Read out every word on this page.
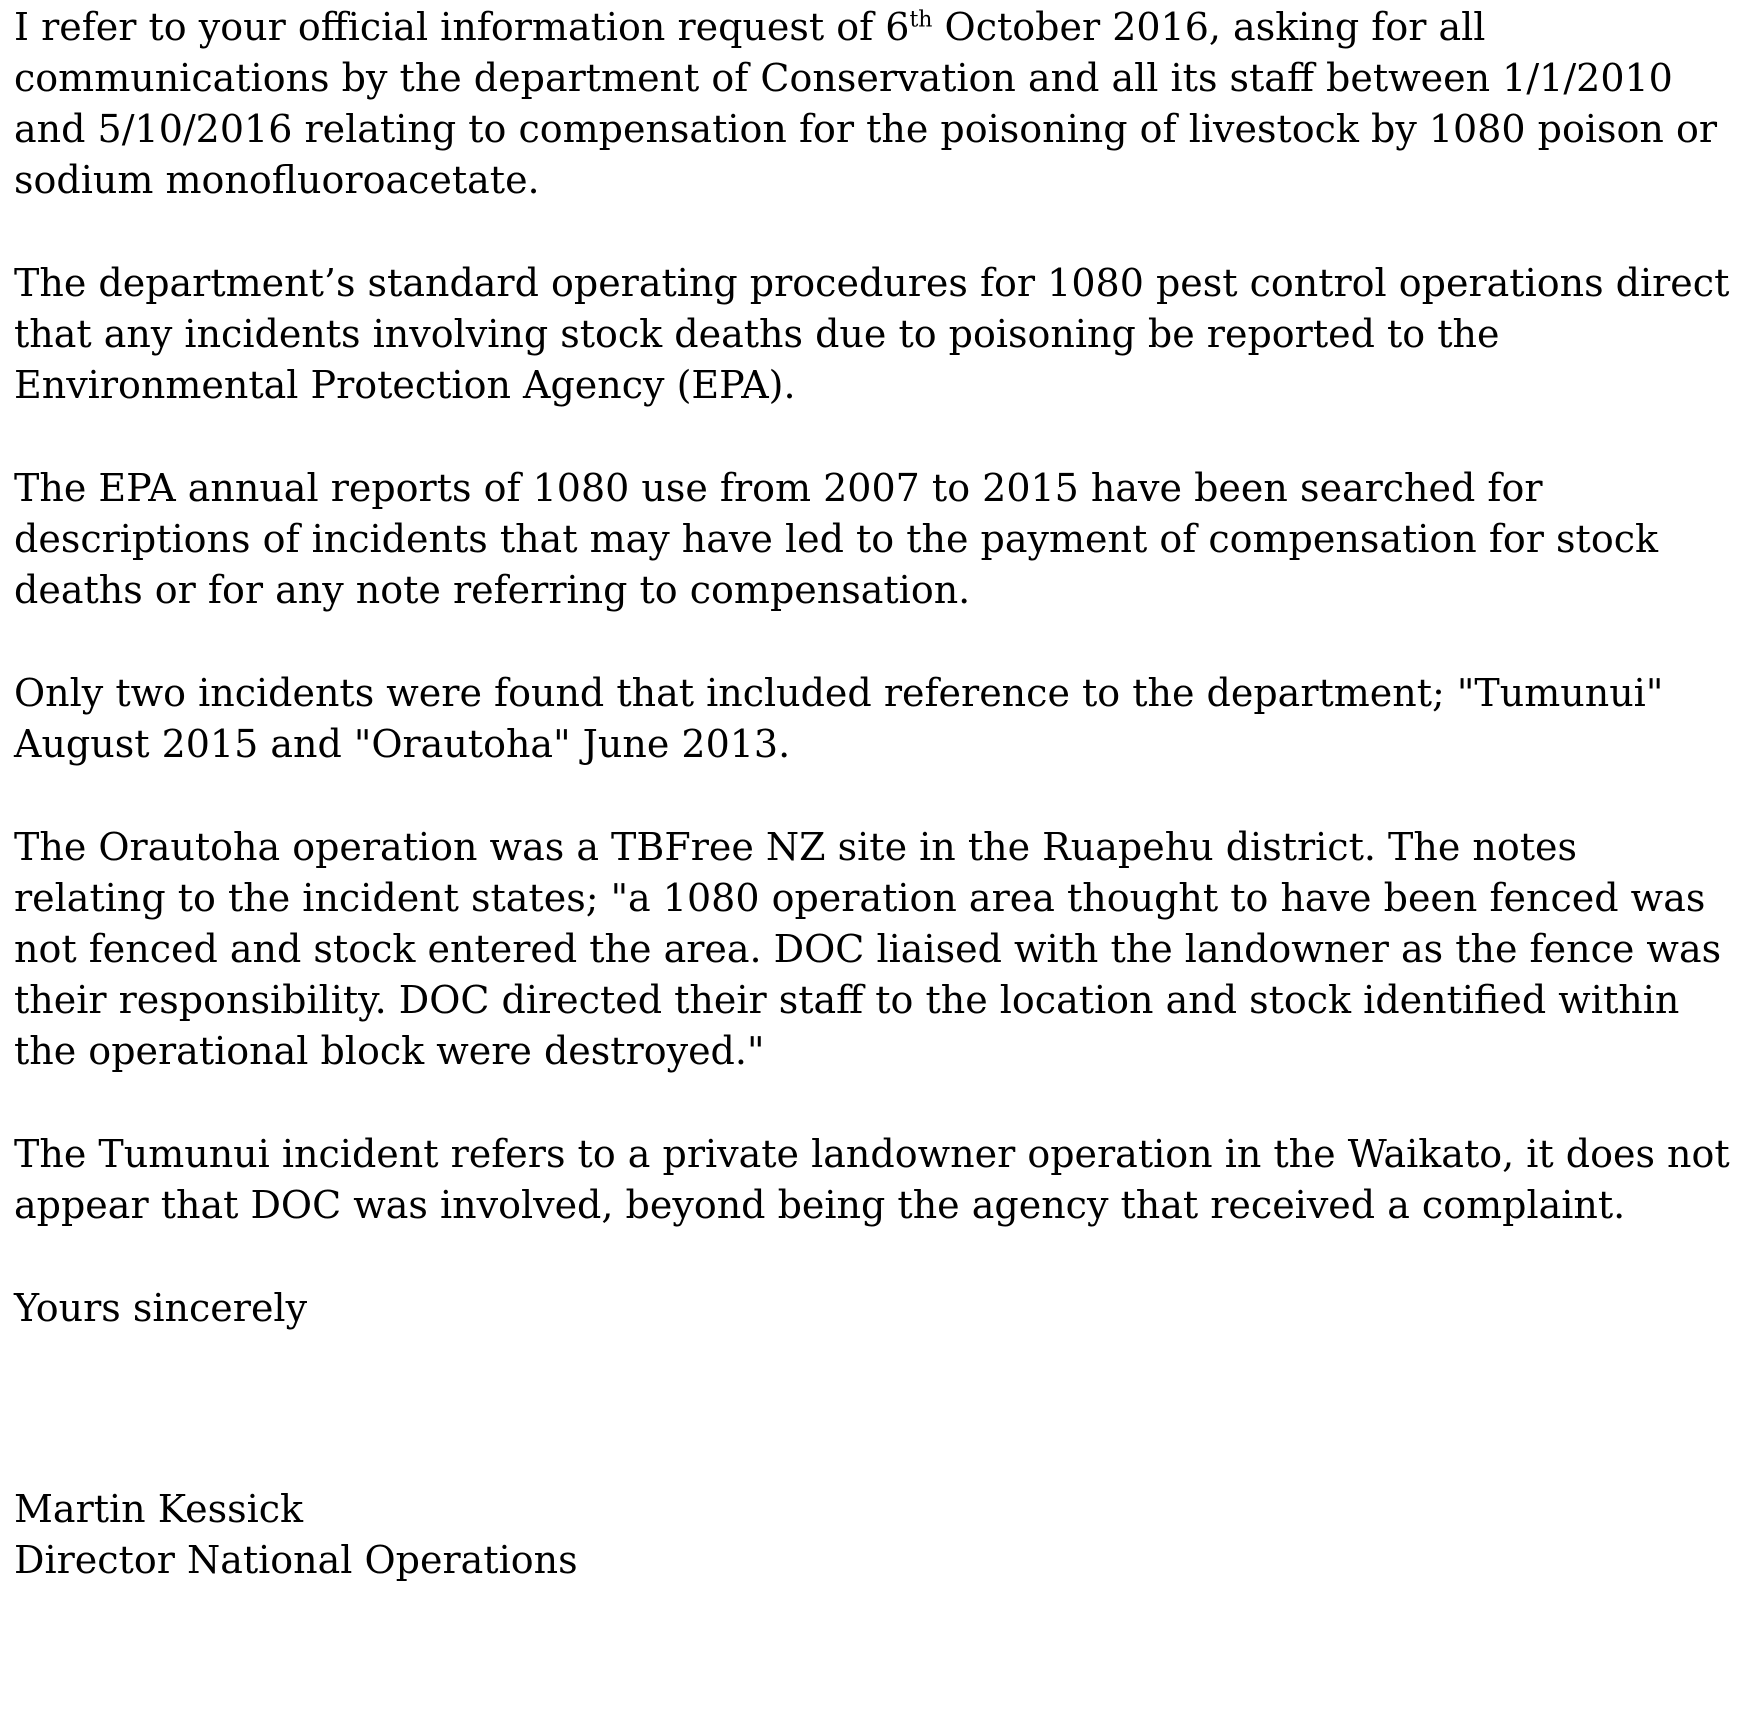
I refer to your official information request of 6th October 2016, asking for all communications by the department of Conservation and all its staff between 1/1/2010 and 5/10/2016 relating to compensation for the poisoning of livestock by 1080 poison or sodium monofluoroacetate.

The department’s standard operating procedures for 1080 pest control operations direct that any incidents involving stock deaths due to poisoning be reported to the Environmental Protection Agency (EPA).

The EPA annual reports of 1080 use from 2007 to 2015 have been searched for descriptions of incidents that may have led to the payment of compensation for stock deaths or for any note referring to compensation.

Only two incidents were found that included reference to the department; "Tumunui" August 2015 and "Orautoha" June 2013.

The Orautoha operation was a TBFree NZ site in the Ruapehu district. The notes relating to the incident states; "a 1080 operation area thought to have been fenced was not fenced and stock entered the area. DOC liaised with the landowner as the fence was their responsibility. DOC directed their staff to the location and stock identified within the operational block were destroyed."

The Tumunui incident refers to a private landowner operation in the Waikato, it does not appear that DOC was involved, beyond being the agency that received a complaint.

Yours sincerely

Martin Kessick

Director National Operations
